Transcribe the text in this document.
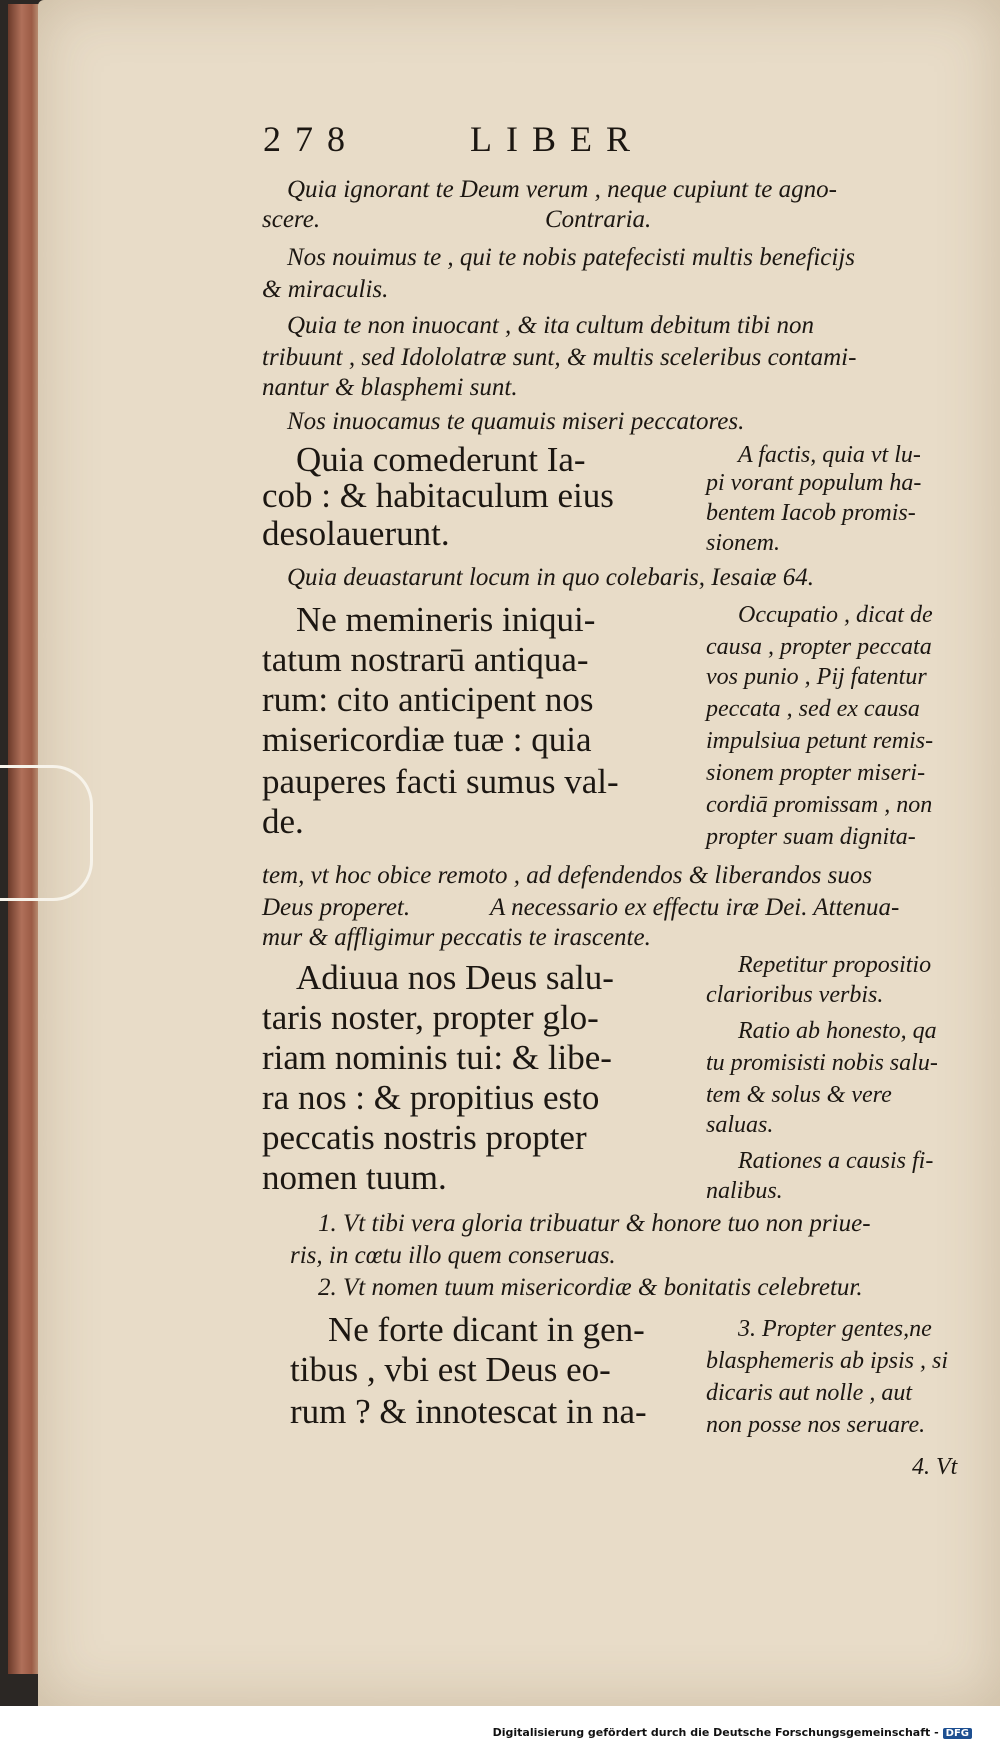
278	LIBER
Quia ignorant te Deum verum , neque cupiunt te agno-
scere.	Contraria.
Nos nouimus te , qui te nobis patefecisti multis beneficijs
& miraculis.
Quia te non inuocant , & ita cultum debitum tibi non
tribuunt , sed Idololatræ sunt, & multis sceleribus contami-
nantur & blasphemi sunt.
Nos inuocamus te quamuis miseri peccatores.
Quia comederunt Ia-
cob : & habitaculum eius
desolauerunt.
A factis, quia vt lu-
pi vorant populum ha-
bentem Iacob promis-
sionem.
Quia deuastarunt locum in quo colebaris, Iesaiæ 64.
Ne memineris iniqui-
tatum nostrarū antiqua-
rum: cito anticipent nos
misericordiæ tuæ : quia
pauperes facti sumus val-
de.
Occupatio , dicat de
causa , propter peccata
vos punio , Pij fatentur
peccata , sed ex causa
impulsiua petunt remis-
sionem propter miseri-
cordiā promissam , non
propter suam dignita-
tem, vt hoc obice remoto , ad defendendos & liberandos suos
Deus properet.	A necessario ex effectu iræ Dei. Attenua-
mur & affligimur peccatis te irascente.
Adiuua nos Deus salu-
taris noster, propter glo-
riam nominis tui: & libe-
ra nos : & propitius esto
peccatis nostris propter
nomen tuum.
Repetitur propositio
clarioribus verbis.
Ratio ab honesto, qa
tu promisisti nobis salu-
tem & solus & vere
saluas.
Rationes a causis fi-
nalibus.
1. Vt tibi vera gloria tribuatur & honore tuo non priue-
ris, in cœtu illo quem conseruas.
2. Vt nomen tuum misericordiæ & bonitatis celebretur.
Ne forte dicant in gen-
tibus , vbi est Deus eo-
rum ? & innotescat in na-
3. Propter gentes,ne
blasphemeris ab ipsis , si
dicaris aut nolle , aut
non posse nos seruare.
4. Vt
Digitalisierung gefördert durch die Deutsche Forschungsgemeinschaft - DFG
